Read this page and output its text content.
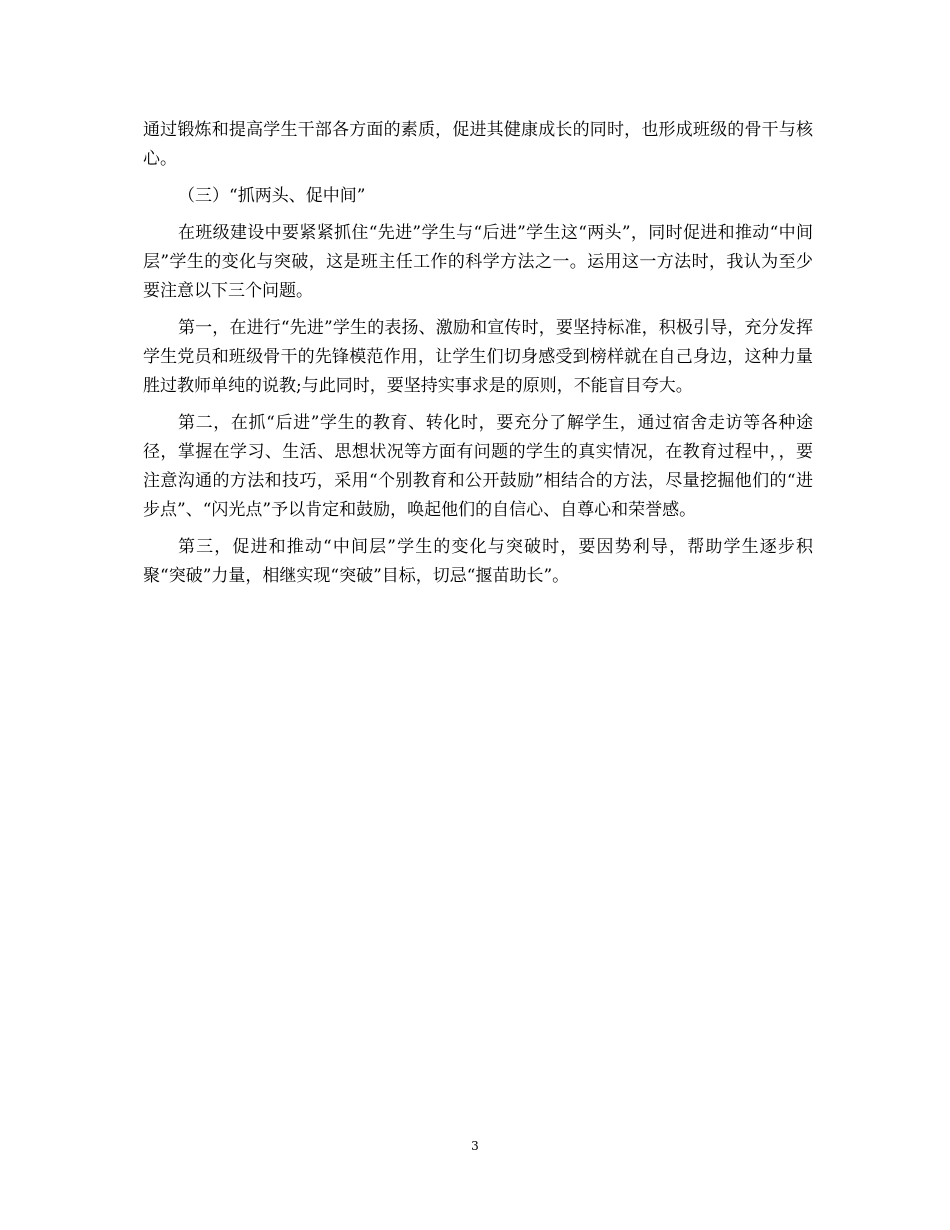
通过锻炼和提高学生干部各方面的素质，促进其健康成长的同时，也形成班级的骨干与核心。

（三）“抓两头、促中间”

在班级建设中要紧紧抓住“先进”学生与“后进”学生这“两头”，同时促进和推动“中间层”学生的变化与突破，这是班主任工作的科学方法之一。运用这一方法时，我认为至少要注意以下三个问题。

第一，在进行“先进”学生的表扬、激励和宣传时，要坚持标准，积极引导，充分发挥学生党员和班级骨干的先锋模范作用，让学生们切身感受到榜样就在自己身边，这种力量胜过教师单纯的说教;与此同时，要坚持实事求是的原则，不能盲目夸大。

第二，在抓“后进”学生的教育、转化时，要充分了解学生，通过宿舍走访等各种途径，掌握在学习、生活、思想状况等方面有问题的学生的真实情况，在教育过程中，，要注意沟通的方法和技巧，采用“个别教育和公开鼓励”相结合的方法，尽量挖掘他们的“进步点”、“闪光点”予以肯定和鼓励，唤起他们的自信心、自尊心和荣誉感。

第三，促进和推动“中间层”学生的变化与突破时，要因势利导，帮助学生逐步积聚“突破”力量，相继实现“突破”目标，切忌“揠苗助长”。

3
